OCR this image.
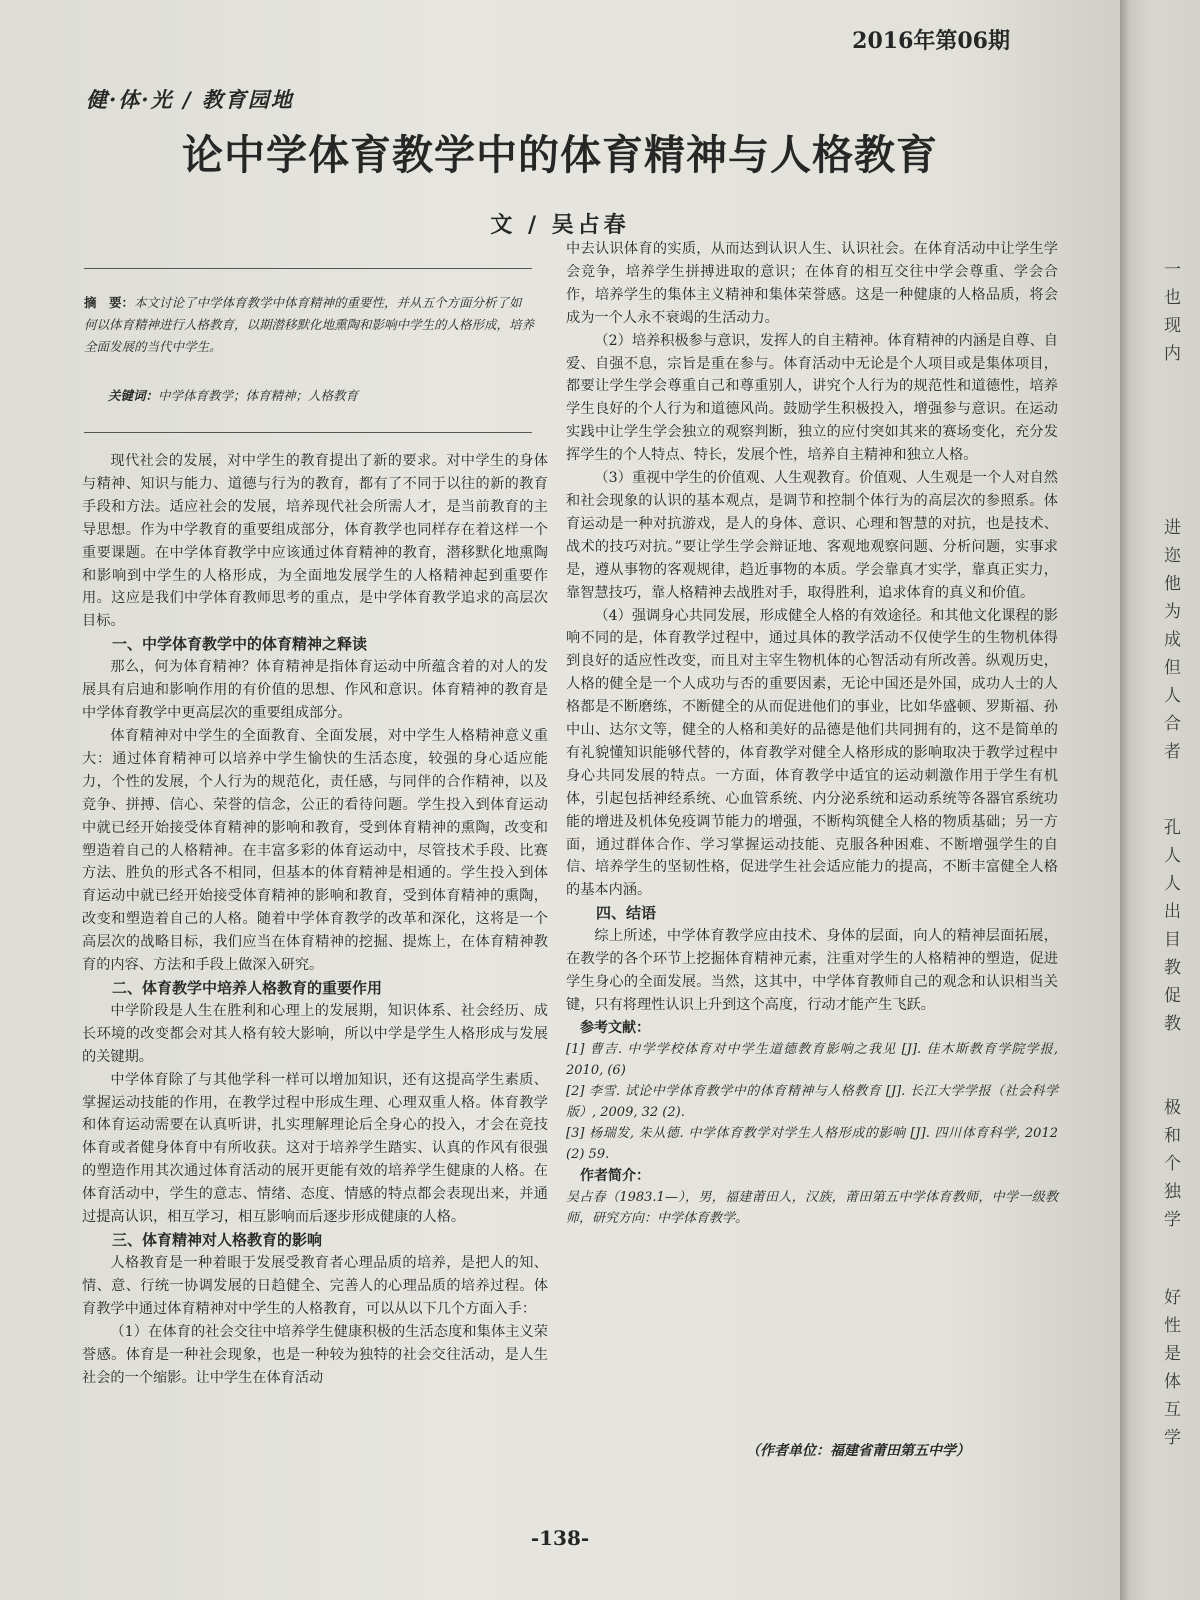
2016年第06期
健·体·光 / 教育园地
论中学体育教学中的体育精神与人格教育
文 / 吴占春
摘　要：本文讨论了中学体育教学中体育精神的重要性，并从五个方面分析了如何以体育精神进行人格教育，以期潜移默化地熏陶和影响中学生的人格形成，培养全面发展的当代中学生。
关键词：中学体育教学；体育精神；人格教育

现代社会的发展，对中学生的教育提出了新的要求。对中学生的身体与精神、知识与能力、道德与行为的教育，都有了不同于以往的新的教育手段和方法。适应社会的发展，培养现代社会所需人才，是当前教育的主导思想。作为中学教育的重要组成部分，体育教学也同样存在着这样一个重要课题。在中学体育教学中应该通过体育精神的教育，潜移默化地熏陶和影响到中学生的人格形成，为全面地发展学生的人格精神起到重要作用。这应是我们中学体育教师思考的重点，是中学体育教学追求的高层次目标。

一、中学体育教学中的体育精神之释读

那么，何为体育精神？体育精神是指体育运动中所蕴含着的对人的发展具有启迪和影响作用的有价值的思想、作风和意识。体育精神的教育是中学体育教学中更高层次的重要组成部分。

体育精神对中学生的全面教育、全面发展，对中学生人格精神意义重大：通过体育精神可以培养中学生愉快的生活态度，较强的身心适应能力，个性的发展，个人行为的规范化，责任感，与同伴的合作精神，以及竞争、拼搏、信心、荣誉的信念，公正的看待问题。学生投入到体育运动中就已经开始接受体育精神的影响和教育，受到体育精神的熏陶，改变和塑造着自己的人格精神。在丰富多彩的体育运动中，尽管技术手段、比赛方法、胜负的形式各不相同，但基本的体育精神是相通的。学生投入到体育运动中就已经开始接受体育精神的影响和教育，受到体育精神的熏陶，改变和塑造着自己的人格。随着中学体育教学的改革和深化，这将是一个高层次的战略目标，我们应当在体育精神的挖掘、提炼上，在体育精神教育的内容、方法和手段上做深入研究。

二、体育教学中培养人格教育的重要作用

中学阶段是人生在胜利和心理上的发展期，知识体系、社会经历、成长环境的改变都会对其人格有较大影响，所以中学是学生人格形成与发展的关键期。

中学体育除了与其他学科一样可以增加知识，还有这提高学生素质、掌握运动技能的作用，在教学过程中形成生理、心理双重人格。体育教学和体育运动需要在认真听讲，扎实理解理论后全身心的投入，才会在竞技体育或者健身体育中有所收获。这对于培养学生踏实、认真的作风有很强的塑造作用其次通过体育活动的展开更能有效的培养学生健康的人格。在体育活动中，学生的意志、情绪、态度、情感的特点都会表现出来，并通过提高认识，相互学习，相互影响而后逐步形成健康的人格。

三、体育精神对人格教育的影响

人格教育是一种着眼于发展受教育者心理品质的培养，是把人的知、情、意、行统一协调发展的日趋健全、完善人的心理品质的培养过程。体育教学中通过体育精神对中学生的人格教育，可以从以下几个方面入手：

（1）在体育的社会交往中培养学生健康积极的生活态度和集体主义荣誉感。体育是一种社会现象，也是一种较为独特的社会交往活动，是人生社会的一个缩影。让中学生在体育活动

中去认识体育的实质，从而达到认识人生、认识社会。在体育活动中让学生学会竞争，培养学生拼搏进取的意识；在体育的相互交往中学会尊重、学会合作，培养学生的集体主义精神和集体荣誉感。这是一种健康的人格品质，将会成为一个人永不衰竭的生活动力。

（2）培养积极参与意识，发挥人的自主精神。体育精神的内涵是自尊、自爱、自强不息，宗旨是重在参与。体育活动中无论是个人项目或是集体项目，都要让学生学会尊重自己和尊重别人，讲究个人行为的规范性和道德性，培养学生良好的个人行为和道德风尚。鼓励学生积极投入，增强参与意识。在运动实践中让学生学会独立的观察判断，独立的应付突如其来的赛场变化，充分发挥学生的个人特点、特长，发展个性，培养自主精神和独立人格。

（3）重视中学生的价值观、人生观教育。价值观、人生观是一个人对自然和社会现象的认识的基本观点，是调节和控制个体行为的高层次的参照系。体育运动是一种对抗游戏，是人的身体、意识、心理和智慧的对抗，也是技术、战术的技巧对抗。”要让学生学会辩证地、客观地观察问题、分析问题，实事求是，遵从事物的客观规律，趋近事物的本质。学会靠真才实学，靠真正实力，靠智慧技巧，靠人格精神去战胜对手，取得胜利，追求体育的真义和价值。

（4）强调身心共同发展，形成健全人格的有效途径。和其他文化课程的影响不同的是，体育教学过程中，通过具体的教学活动不仅使学生的生物机体得到良好的适应性改变，而且对主宰生物机体的心智活动有所改善。纵观历史，人格的健全是一个人成功与否的重要因素，无论中国还是外国，成功人士的人格都是不断磨练，不断健全的从而促进他们的事业，比如华盛顿、罗斯福、孙中山、达尔文等，健全的人格和美好的品德是他们共同拥有的，这不是简单的有礼貌懂知识能够代替的，体育教学对健全人格形成的影响取决于教学过程中身心共同发展的特点。一方面，体育教学中适宜的运动刺激作用于学生有机体，引起包括神经系统、心血管系统、内分泌系统和运动系统等各器官系统功能的增进及机体免疫调节能力的增强，不断构筑健全人格的物质基础；另一方面，通过群体合作、学习掌握运动技能、克服各种困难、不断增强学生的自信、培养学生的坚韧性格，促进学生社会适应能力的提高，不断丰富健全人格的基本内涵。

四、结语

综上所述，中学体育教学应由技术、身体的层面，向人的精神层面拓展，在教学的各个环节上挖掘体育精神元素，注重对学生的人格精神的塑造，促进学生身心的全面发展。当然，这其中，中学体育教师自己的观念和认识相当关键，只有将理性认识上升到这个高度，行动才能产生飞跃。

参考文献：

[1] 曹吉. 中学学校体育对中学生道德教育影响之我见 [J]. 佳木斯教育学院学报, 2010, (6)

[2] 李雪. 试论中学体育教学中的体育精神与人格教育 [J]. 长江大学学报（社会科学版）, 2009, 32 (2).

[3] 杨瑞发, 朱从德. 中学体育教学对学生人格形成的影响 [J]. 四川体育科学, 2012 (2) 59.

作者简介：

吴占春（1983.1—），男，福建莆田人，汉族，莆田第五中学体育教师，中学一级教师，研究方向：中学体育教学。

（作者单位：福建省莆田第五中学）
-138-
一
也
现
内
进
迩
他
为
成
但
人
合
者
孔
人
人
出
目
教
促
教
极
和
个
独
学
好
性
是
体
互
学
